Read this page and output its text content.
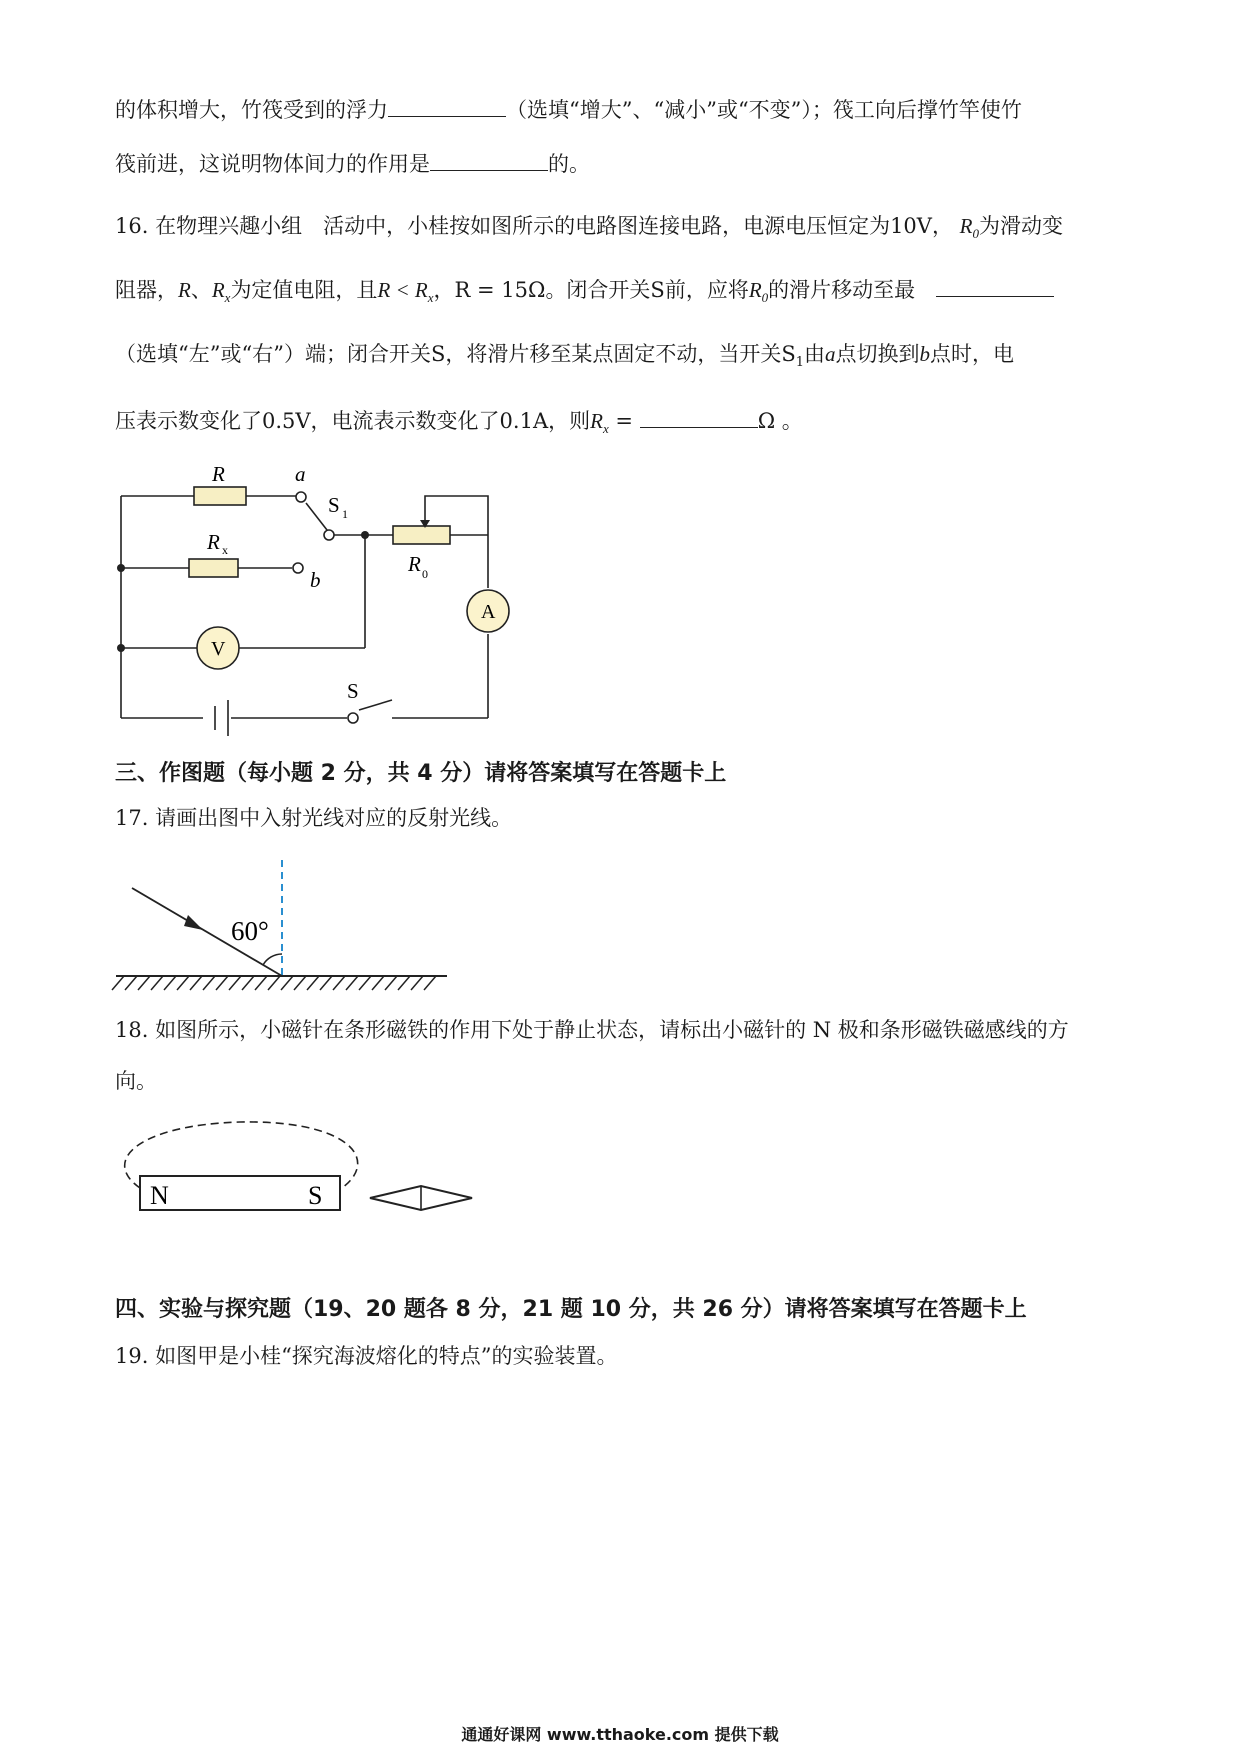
的体积增大，竹筏受到的浮力	（选填“增大”、“减小”或“不变”）；筏工向后撑竹竿使竹
筏前进，这说明物体间力的作用是	的。
16. 在物理兴趣小组　活动中，小桂按如图所示的电路图连接电路，电源电压恒定为10V， $R_0$为滑动变
阻器，R、$R_x$为定值电阻，且$R < R_x$，R = 15Ω。闭合开关S前，应将$R_0$的滑片移动至最
（选填“左”或“右”）端；闭合开关S，将滑片移至某点固定不动，当开关$S_1$由a点切换到b点时，电
压表示数变化了0.5V，电流表示数变化了0.1A，则$R_x$ =	Ω 。
R
R x
a
b
S 1
R 0
A
V
S
三、作图题（每小题 2 分，共 4 分）请将答案填写在答题卡上
17. 请画出图中入射光线对应的反射光线。
60°
18. 如图所示，小磁针在条形磁铁的作用下处于静止状态，请标出小磁针的 N 极和条形磁铁磁感线的方
向。
N	S
四、实验与探究题（19、20 题各 8 分，21 题 10 分，共 26 分）请将答案填写在答题卡上
19. 如图甲是小桂“探究海波熔化的特点”的实验装置。
通通好课网 www.tthaoke.com 提供下载
